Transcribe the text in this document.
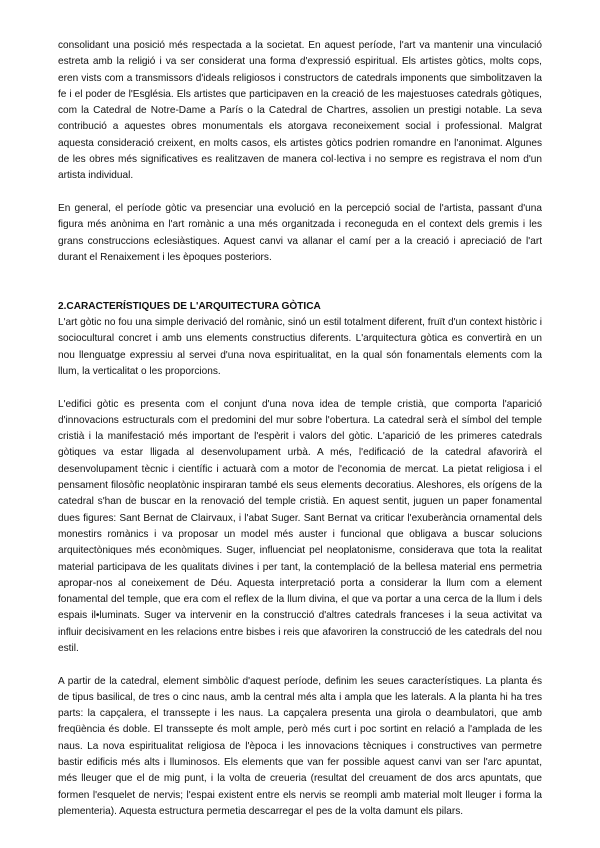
consolidant una posició més respectada a la societat. En aquest període, l'art va mantenir una vinculació estreta amb la religió i va ser considerat una forma d'expressió espiritual. Els artistes gòtics, molts cops, eren vists com a transmissors d'ideals religiosos i constructors de catedrals imponents que simbolitzaven la fe i el poder de l'Església. Els artistes que participaven en la creació de les majestuoses catedrals gòtiques, com la Catedral de Notre-Dame a París o la Catedral de Chartres, assolien un prestigi notable. La seva contribució a aquestes obres monumentals els atorgava reconeixement social i professional. Malgrat aquesta consideració creixent, en molts casos, els artistes gòtics podrien romandre en l'anonimat. Algunes de les obres més significatives es realitzaven de manera col·lectiva i no sempre es registrava el nom d'un artista individual.

En general, el període gòtic va presenciar una evolució en la percepció social de l'artista, passant d'una figura més anònima en l'art romànic a una més organitzada i reconeguda en el context dels gremis i les grans construccions eclesiàstiques. Aquest canvi va allanar el camí per a la creació i apreciació de l'art durant el Renaixement i les èpoques posteriors.

2.CARACTERÍSTIQUES DE L'ARQUITECTURA GÒTICA

L'art gòtic no fou una simple derivació del romànic, sinó un estil totalment diferent, fruït d'un context històric i sociocultural concret i amb uns elements constructius diferents. L'arquitectura gòtica es convertirà en un nou llenguatge expressiu al servei d'una nova espiritualitat, en la qual són fonamentals elements com la llum, la verticalitat o les proporcions.

L'edifici gòtic es presenta com el conjunt d'una nova idea de temple cristià, que comporta l'aparició d'innovacions estructurals com el predomini del mur sobre l'obertura. La catedral serà el símbol del temple cristià i la manifestació més important de l'espèrit i valors del gòtic. L'aparició de les primeres catedrals gòtiques va estar lligada al desenvolupament urbà. A més, l'edificació de la catedral afavorirà el desenvolupament tècnic i científic i actuarà com a motor de l'economia de mercat. La pietat religiosa i el pensament filosòfic neoplatònic inspiraran també els seus elements decoratius. Aleshores, els orígens de la catedral s'han de buscar en la renovació del temple cristià. En aquest sentit, juguen un paper fonamental dues figures: Sant Bernat de Clairvaux, i l'abat Suger. Sant Bernat va criticar l'exuberància ornamental dels monestirs romànics i va proposar un model més auster i funcional que obligava a buscar solucions arquitectòniques més econòmiques. Suger, influenciat pel neoplatonisme, considerava que tota la realitat material participava de les qualitats divines i per tant, la contemplació de la bellesa material ens permetria apropar-nos al coneixement de Déu. Aquesta interpretació porta a considerar la llum com a element fonamental del temple, que era com el reflex de la llum divina, el que va portar a una cerca de la llum i dels espais il•luminats. Suger va intervenir en la construcció d'altres catedrals franceses i la seua activitat va influir decisivament en les relacions entre bisbes i reis que afavoriren la construcció de les catedrals del nou estil.

A partir de la catedral, element simbòlic d'aquest període, definim les seues característiques. La planta és de tipus basilical, de tres o cinc naus, amb la central més alta i ampla que les laterals. A la planta hi ha tres parts: la capçalera, el transsepte i les naus. La capçalera presenta una girola o deambulatori, que amb freqüència és doble. El transsepte és molt ample, però més curt i poc sortint en relació a l'amplada de les naus. La nova espiritualitat religiosa de l'època i les innovacions tècniques i constructives van permetre bastir edificis més alts i lluminosos. Els elements que van fer possible aquest canvi van ser l'arc apuntat, més lleuger que el de mig punt, i la volta de creueria (resultat del creuament de dos arcs apuntats, que formen l'esquelet de nervis; l'espai existent entre els nervis se reompli amb material molt lleuger i forma la plementeria). Aquesta estructura permetia descarregar el pes de la volta damunt els pilars.
